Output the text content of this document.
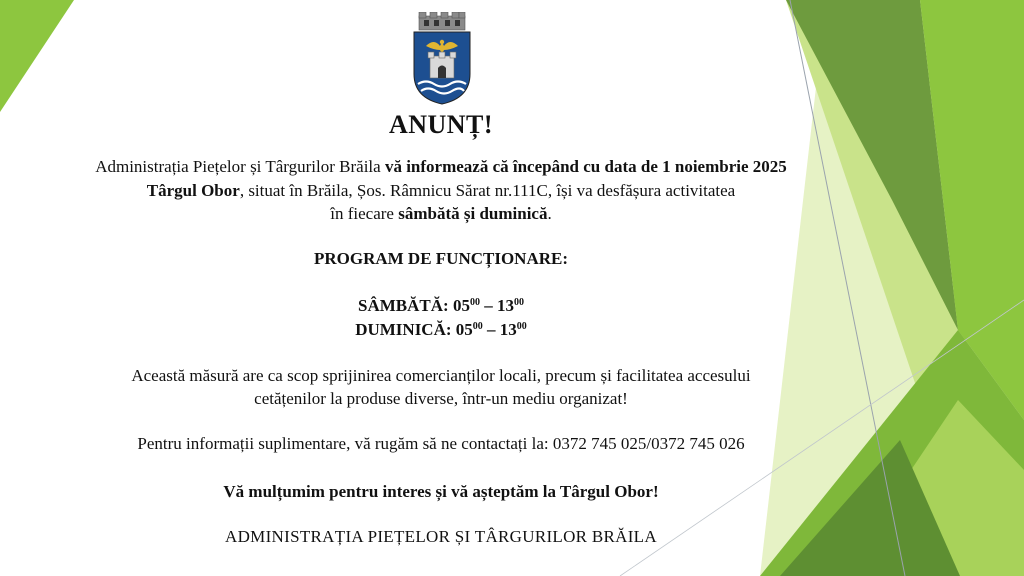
ANUNȚ!
Administrația Piețelor și Târgurilor Brăila vă informează că începând cu data de 1 noiembrie 2025
Târgul Obor, situat în Brăila, Șos. Râmnicu Sărat nr.111C, își va desfășura activitatea
în fiecare sâmbătă și duminică.
PROGRAM DE FUNCȚIONARE:
SÂMBĂTĂ: $05^{00} - 13^{00}$
DUMINICĂ: $05^{00} - 13^{00}$
Această măsură are ca scop sprijinirea comercianților locali, precum și facilitatea accesului
cetățenilor la produse diverse, într-un mediu organizat!
Pentru informații suplimentare, vă rugăm să ne contactați la: 0372 745 025/0372 745 026
Vă mulțumim pentru interes și vă așteptăm la Târgul Obor!
ADMINISTRAȚIA PIEȚELOR ȘI TÂRGURILOR BRĂILA
